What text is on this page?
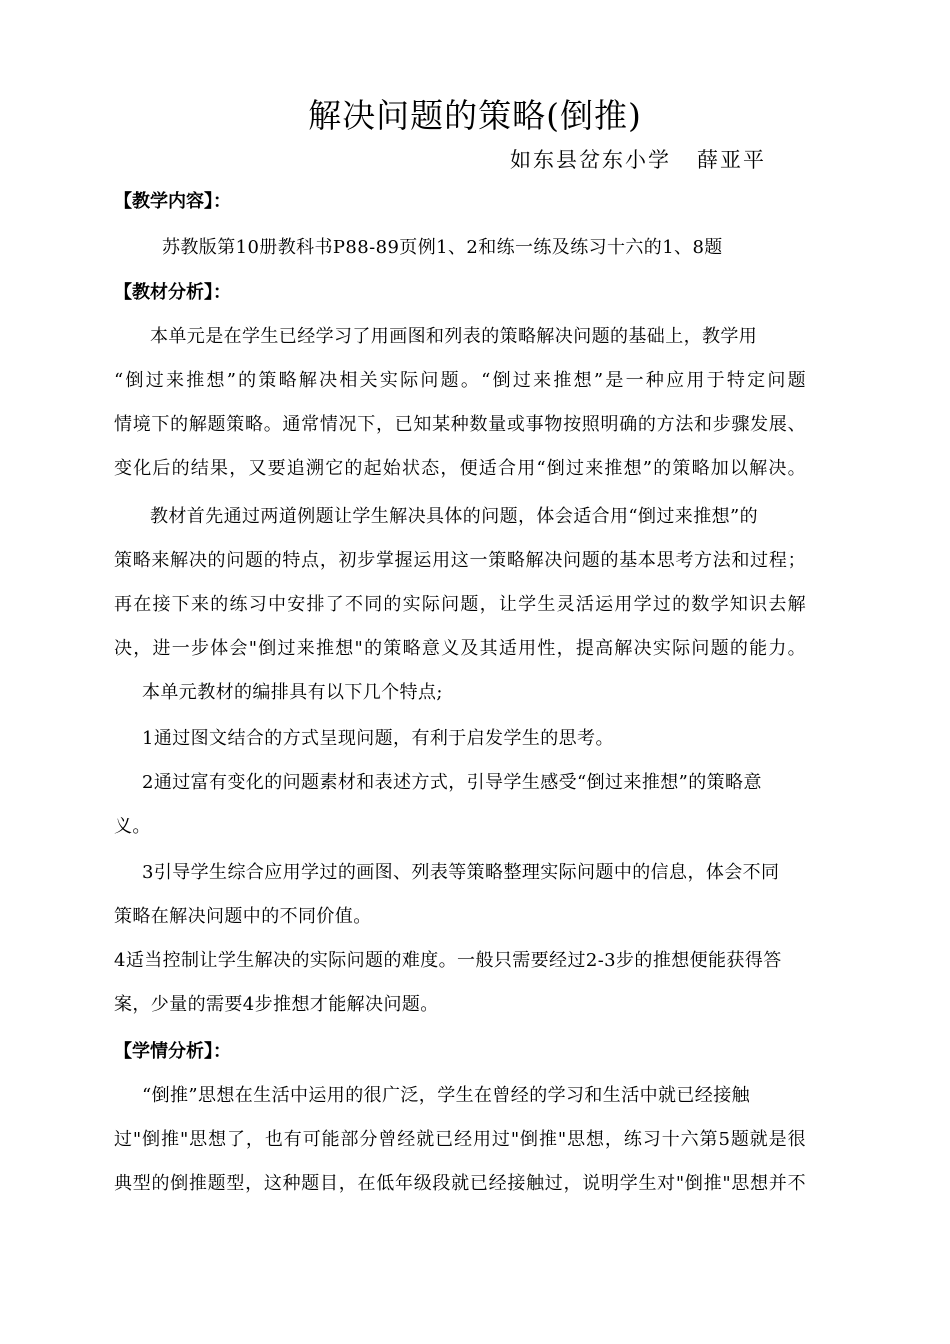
解决问题的策略(倒推)
如东县岔东小学   薛亚平
【教学内容】：
苏教版第10册教科书P88-89页例1、2和练一练及练习十六的1、8题
【教材分析】：
本单元是在学生已经学习了用画图和列表的策略解决问题的基础上，教学用
“倒过来推想”的策略解决相关实际问题。“倒过来推想”是一种应用于特定问题
情境下的解题策略。通常情况下，已知某种数量或事物按照明确的方法和步骤发展、
变化后的结果，又要追溯它的起始状态，便适合用“倒过来推想”的策略加以解决。
教材首先通过两道例题让学生解决具体的问题，体会适合用“倒过来推想”的
策略来解决的问题的特点，初步掌握运用这一策略解决问题的基本思考方法和过程；
再在接下来的练习中安排了不同的实际问题，让学生灵活运用学过的数学知识去解
决，进一步体会"倒过来推想"的策略意义及其适用性，提高解决实际问题的能力。
本单元教材的编排具有以下几个特点;
1通过图文结合的方式呈现问题，有利于启发学生的思考。
2通过富有变化的问题素材和表述方式，引导学生感受“倒过来推想”的策略意
义。
3引导学生综合应用学过的画图、列表等策略整理实际问题中的信息，体会不同
策略在解决问题中的不同价值。
4适当控制让学生解决的实际问题的难度。一般只需要经过2-3步的推想便能获得答
案，少量的需要4步推想才能解决问题。
【学情分析】：
“倒推”思想在生活中运用的很广泛，学生在曾经的学习和生活中就已经接触
过"倒推"思想了，也有可能部分曾经就已经用过"倒推"思想，练习十六第5题就是很
典型的倒推题型，这种题目，在低年级段就已经接触过，说明学生对"倒推"思想并不
